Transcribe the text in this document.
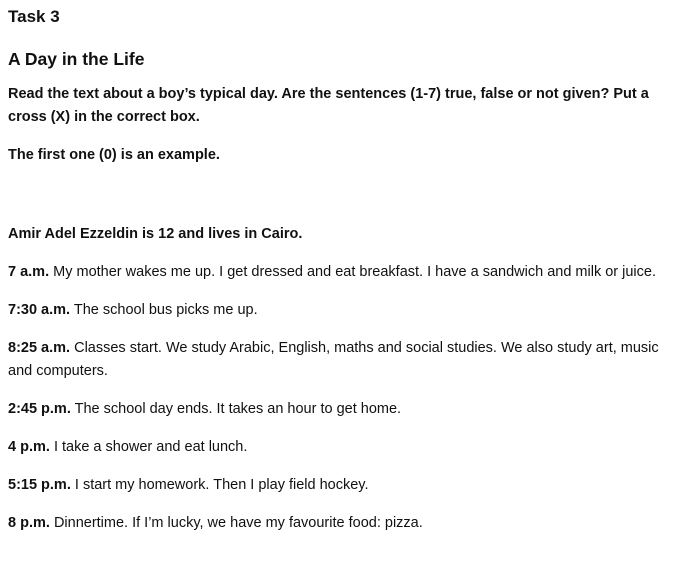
Task 3

A Day in the Life

Read the text about a boy’s typical day. Are the sentences (1-7) true, false or not given? Put a cross (X) in the correct box.

The first one (0) is an example.

Amir Adel Ezzeldin is 12 and lives in Cairo.

7 a.m. My mother wakes me up. I get dressed and eat breakfast. I have a sandwich and milk or juice.
7:30 a.m. The school bus picks me up.
8:25 a.m. Classes start. We study Arabic, English, maths and social studies. We also study art, music and computers.
2:45 p.m. The school day ends. It takes an hour to get home.
4 p.m. I take a shower and eat lunch.
5:15 p.m. I start my homework. Then I play field hockey.
8 p.m. Dinnertime. If I’m lucky, we have my favourite food: pizza.
